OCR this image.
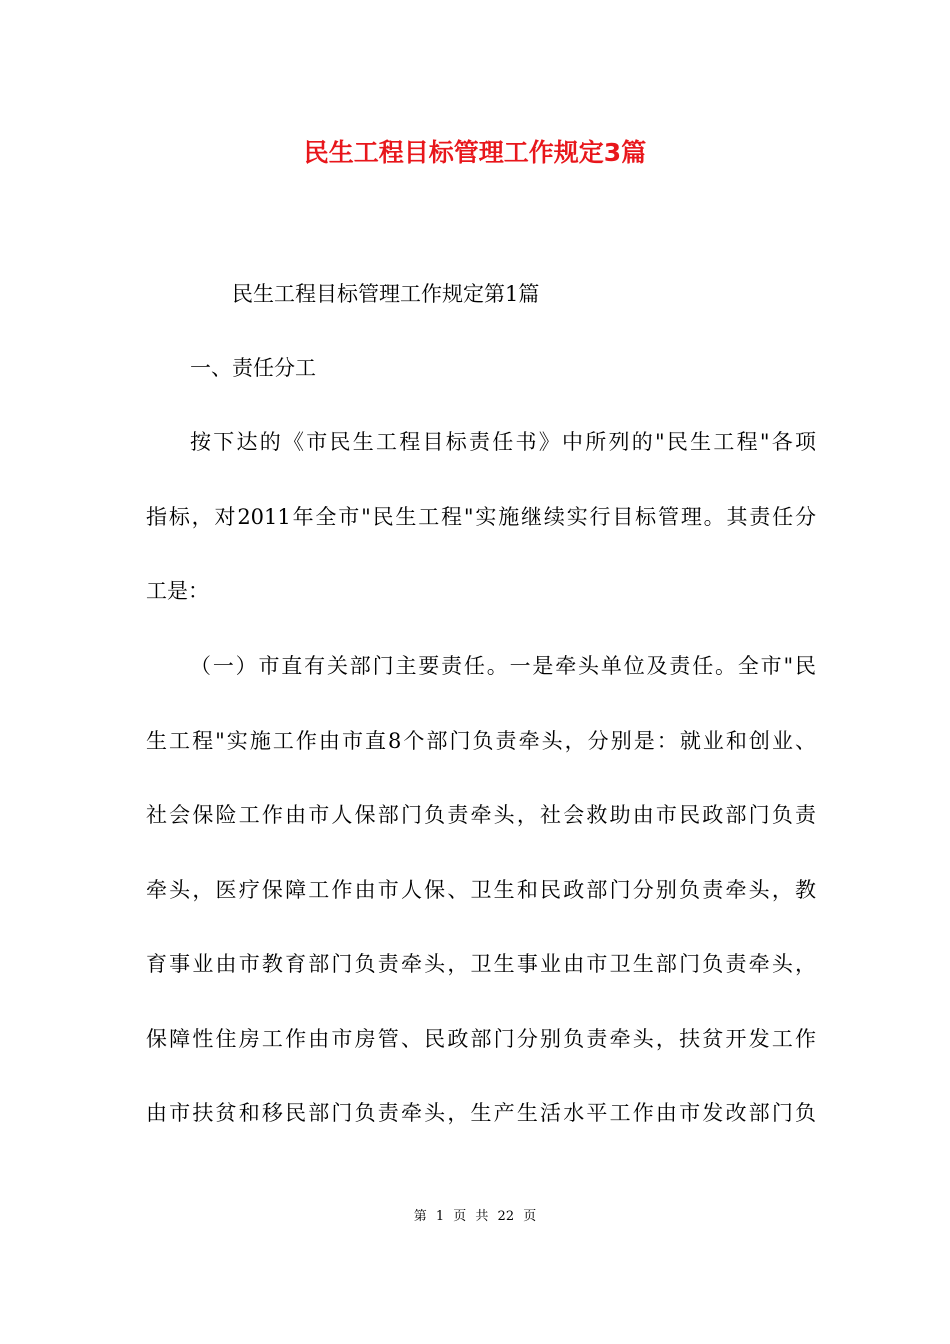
民生工程目标管理工作规定3篇
民生工程目标管理工作规定第1篇
一、责任分工
按下达的《市民生工程目标责任书》中所列的"民生工程"各项
指标，对2011年全市"民生工程"实施继续实行目标管理。其责任分
工是：
（一）市直有关部门主要责任。一是牵头单位及责任。全市"民
生工程"实施工作由市直8个部门负责牵头，分别是：就业和创业、
社会保险工作由市人保部门负责牵头，社会救助由市民政部门负责
牵头，医疗保障工作由市人保、卫生和民政部门分别负责牵头，教
育事业由市教育部门负责牵头，卫生事业由市卫生部门负责牵头，
保障性住房工作由市房管、民政部门分别负责牵头，扶贫开发工作
由市扶贫和移民部门负责牵头，生产生活水平工作由市发改部门负
第 1 页 共 22 页
